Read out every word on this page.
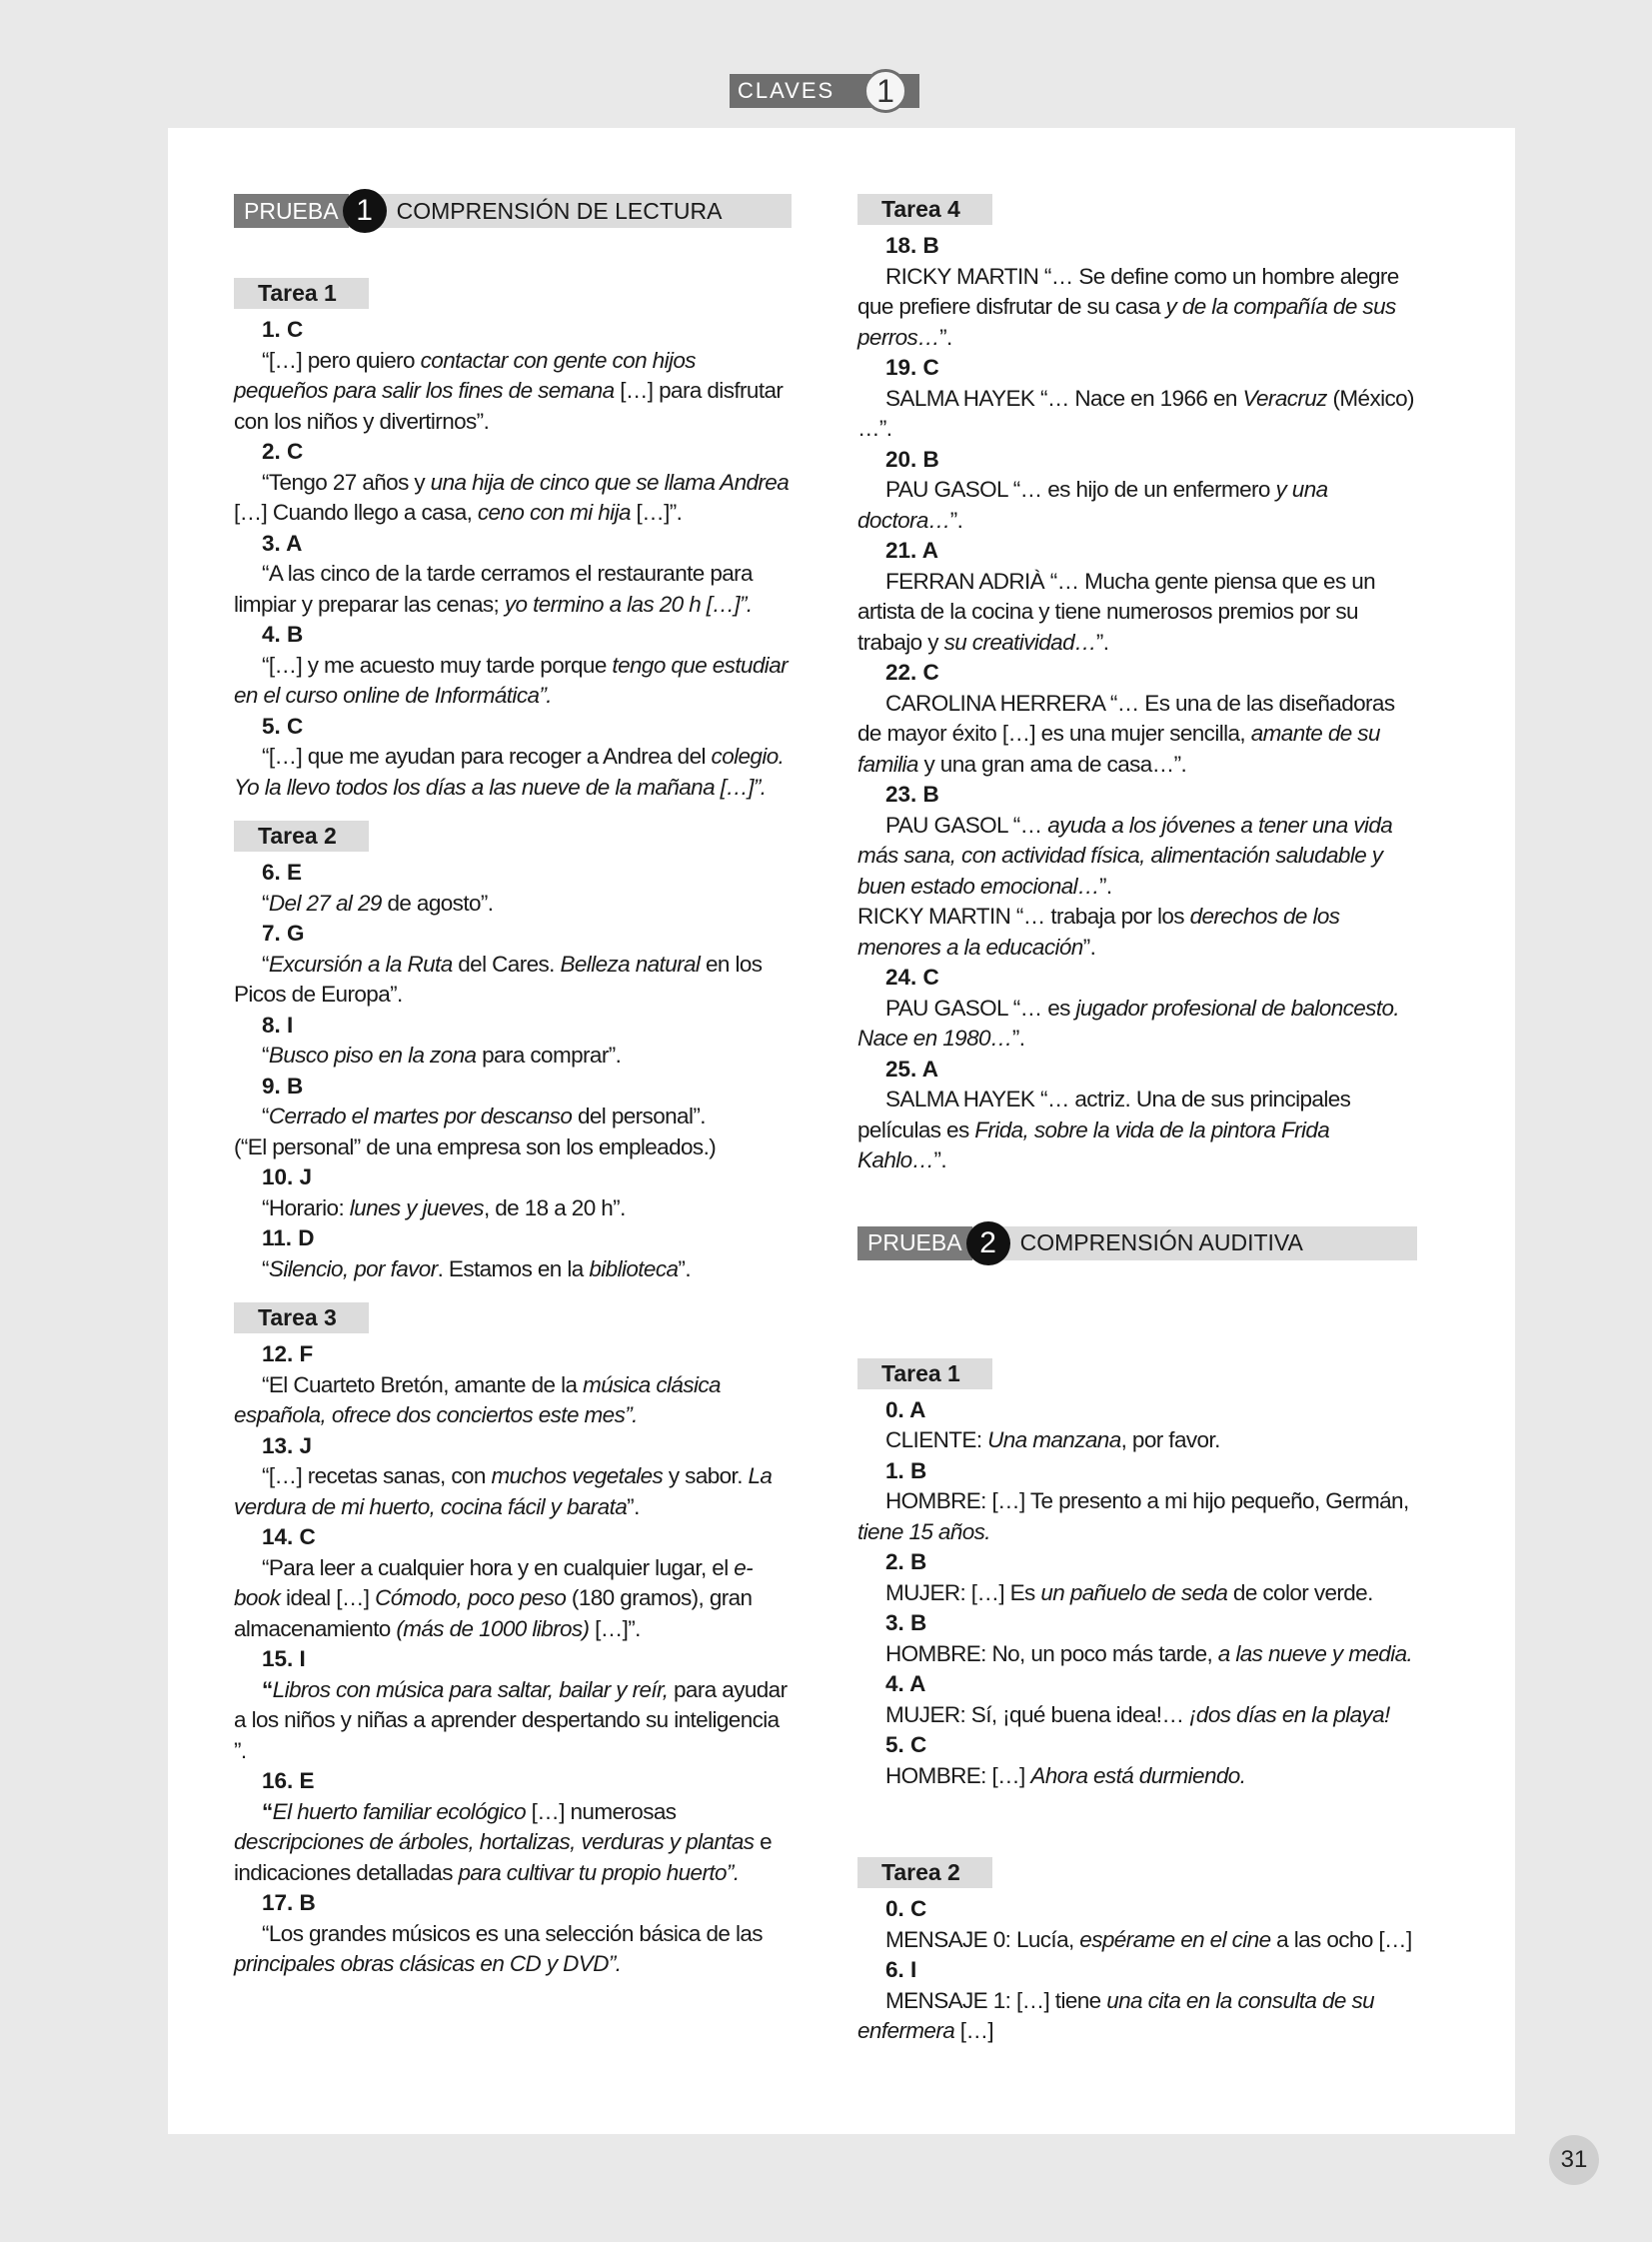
CLAVES	1
PRUEBA 1	COMPRENSIÓN DE LECTURA
Tarea 1
1. C
“[…] pero quiero contactar con gente con hijos pequeños para salir los fines de semana […] para disfrutar con los niños y divertirnos”.
2. C
“Tengo 27 años y una hija de cinco que se llama Andrea […] Cuando llego a casa, ceno con mi hija […]”.
3. A
“A las cinco de la tarde cerramos el restaurante para limpiar y preparar las cenas; yo termino a las 20 h […]”.
4. B
“[…] y me acuesto muy tarde porque tengo que estudiar en el curso online de Informática”.
5. C
“[…] que me ayudan para recoger a Andrea del colegio. Yo la llevo todos los días a las nueve de la mañana […]”.
Tarea 2
6. E
“Del 27 al 29 de agosto”.
7. G
“Excursión a la Ruta del Cares. Belleza natural en los Picos de Europa”.
8. I
“Busco piso en la zona para comprar”.
9. B
“Cerrado el martes por descanso del personal”.
(“El personal” de una empresa son los empleados.)
10. J
“Horario: lunes y jueves, de 18 a 20 h”.
11. D
“Silencio, por favor. Estamos en la biblioteca”.
Tarea 3
12. F
“El Cuarteto Bretón, amante de la música clásica española, ofrece dos conciertos este mes”.
13. J
“[…] recetas sanas, con muchos vegetales y sabor. La verdura de mi huerto, cocina fácil y barata”.
14. C
“Para leer a cualquier hora y en cualquier lugar, el e-book ideal […] Cómodo, poco peso (180 gramos), gran almacenamiento (más de 1000 libros) […]”.
15. I
“Libros con música para saltar, bailar y reír, para ayudar a los niños y niñas a aprender despertando su inteligencia ”.
16. E
“El huerto familiar ecológico […] numerosas descripciones de árboles, hortalizas, verduras y plantas e indicaciones detalladas para cultivar tu propio huerto”.
17. B
“Los grandes músicos es una selección básica de las principales obras clásicas en CD y DVD”.
Tarea 4
18. B
RICKY MARTIN “… Se define como un hombre alegre que prefiere disfrutar de su casa y de la compañía de sus perros…”.
19. C
SALMA HAYEK “… Nace en 1966 en Veracruz (México) …”.
20. B
PAU GASOL “… es hijo de un enfermero y una doctora…”.
21. A
FERRAN ADRIÀ “… Mucha gente piensa que es un artista de la cocina y tiene numerosos premios por su trabajo y su creatividad…”.
22. C
CAROLINA HERRERA “… Es una de las diseñadoras de mayor éxito […] es una mujer sencilla, amante de su familia y una gran ama de casa…”.
23. B
PAU GASOL “… ayuda a los jóvenes a tener una vida más sana, con actividad física, alimentación saludable y buen estado emocional…”.
RICKY MARTIN “… trabaja por los derechos de los menores a la educación”.
24. C
PAU GASOL “… es jugador profesional de baloncesto. Nace en 1980…”.
25. A
SALMA HAYEK “… actriz. Una de sus principales películas es Frida, sobre la vida de la pintora Frida Kahlo…”.
PRUEBA 2	COMPRENSIÓN AUDITIVA
Tarea 1
0. A
CLIENTE: Una manzana, por favor.
1. B
HOMBRE: […] Te presento a mi hijo pequeño, Germán, tiene 15 años.
2. B
MUJER: […] Es un pañuelo de seda de color verde.
3. B
HOMBRE: No, un poco más tarde, a las nueve y media.
4. A
MUJER: Sí, ¡qué buena idea!… ¡dos días en la playa!
5. C
HOMBRE: […] Ahora está durmiendo.
Tarea 2
0. C
MENSAJE 0: Lucía, espérame en el cine a las ocho […]
6. I
MENSAJE 1: […] tiene una cita en la consulta de su enfermera […]
31
